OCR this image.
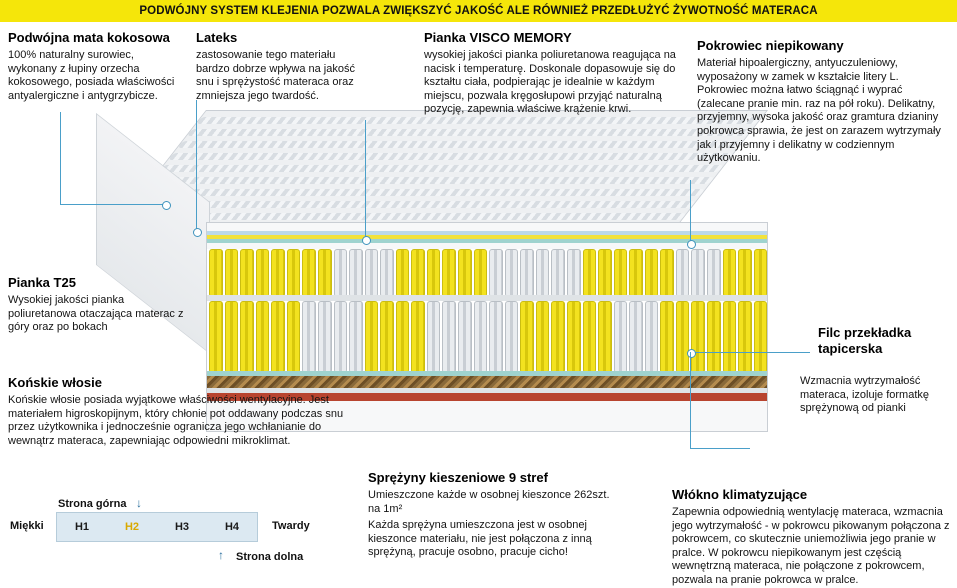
PODWÓJNY SYSTEM KLEJENIA POZWALA ZWIĘKSZYĆ JAKOŚĆ ALE RÓWNIEŻ PRZEDŁUŻYĆ ŻYWOTNOŚĆ MATERACA
Podwójna mata kokosowa
100% naturalny surowiec, wykonany z łupiny orzecha kokosowego, posiada właściwości antyalergiczne i antygrzybicze.
Lateks
zastosowanie tego materiału bardzo dobrze wpływa na jakość snu i sprężystość materaca oraz zmniejsza jego twardość.
Pianka VISCO MEMORY
wysokiej jakości pianka poliuretanowa reagująca na nacisk i temperaturę. Doskonale dopasowuje się do kształtu ciała, podpierając je idealnie w każdym miejscu, pozwala kręgosłupowi przyjąć naturalną pozycję, zapewnia właściwe krążenie krwi.
Pokrowiec niepikowany
Materiał hipoalergiczny, antyuczuleniowy, wyposażony w zamek w kształcie litery L. Pokrowiec można łatwo ściągnąć i wyprać (zalecane pranie min. raz na pół roku). Delikatny, przyjemny, wysoka jakość oraz gramtura dzianiny pokrowca sprawia, że jest on zarazem wytrzymały jak i przyjemny i delikatny w codziennym użytkowaniu.
Pianka T25
Wysokiej jakości pianka poliuretanowa otaczająca materac z góry oraz po bokach
Końskie włosie
Końskie włosie posiada wyjątkowe właściwości wentylacyjne. Jest materiałem higroskopijnym, który chłonie pot oddawany podczas snu przez użytkownika i jednocześnie ogranicza jego wchłanianie do wewnątrz materaca, zapewniając odpowiedni mikroklimat.
Sprężyny kieszeniowe 9 stref
Umieszczone każde w osobnej kieszonce 262szt. na 1m²
Każda sprężyna umieszczona jest w osobnej kieszonce materiału, nie jest połączona z inną sprężyną, pracuje osobno, pracuje cicho!
Filc przekładka tapicerska
Wzmacnia wytrzymałość materaca, izoluje formatkę sprężynową od pianki
Włókno klimatyzujące
Zapewnia odpowiednią wentylację materaca, wzmacnia jego wytrzymałość - w pokrowcu pikowanym połączona z pokrowcem, co skutecznie uniemożliwia jego pranie w pralce. W pokrowcu niepikowanym jest częścią wewnętrzną materaca, nie połączone z pokrowcem, pozwala na pranie pokrowca w pralce.
Strona górna ↓
Miękki	H1	H2	H3	H4	Twardy
↑ Strona dolna
